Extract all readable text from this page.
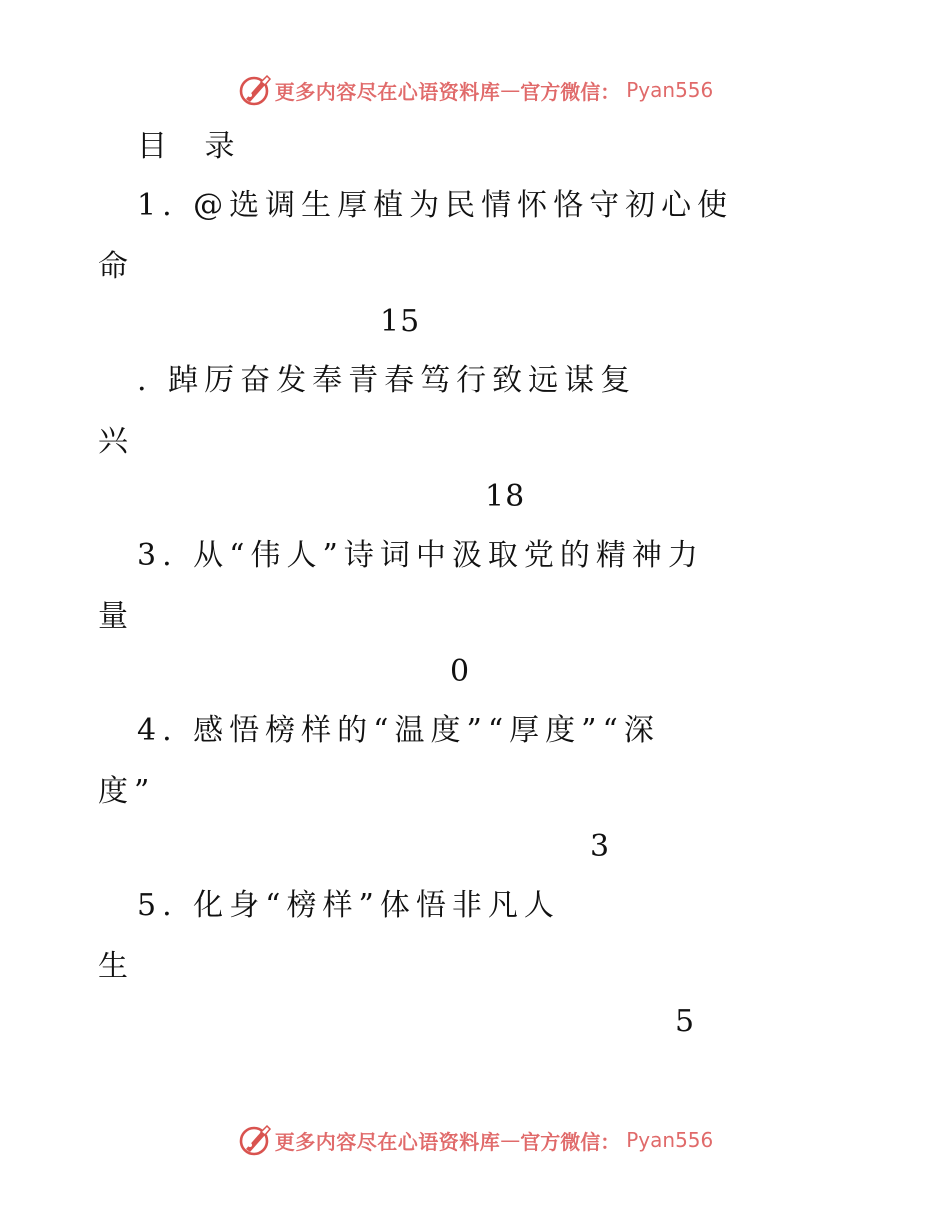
更多内容尽在心语资料库 — 官方微信： Pyan556
目 录
1. @选调生厚植为民情怀恪守初心使
命
15
. 踔厉奋发奉青春笃行致远谋复
兴
18
3. 从“伟人”诗词中汲取党的精神力
量
0
4. 感悟榜样的“温度”“厚度”“深
度”
3
5. 化身“榜样”体悟非凡人
生
5
更多内容尽在心语资料库 — 官方微信： Pyan556
